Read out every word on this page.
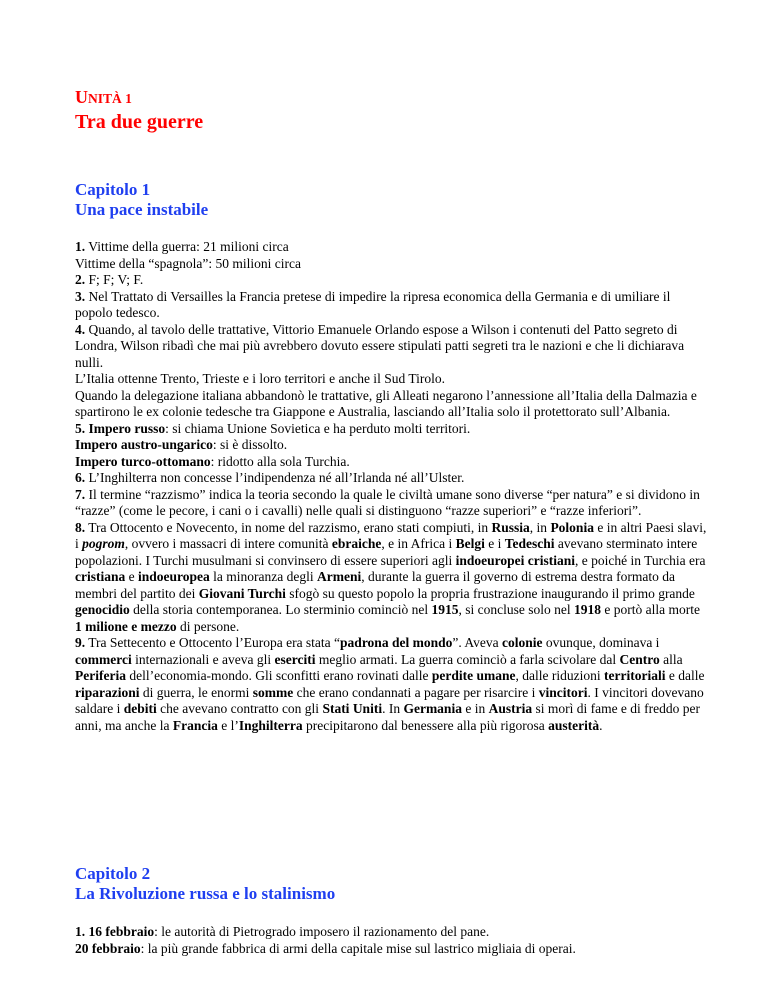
UNITÀ 1
Tra due guerre
Capitolo 1
Una pace instabile

1. Vittime della guerra: 21 milioni circa

Vittime della “spagnola”: 50 milioni circa

2. F; F; V; F.

3. Nel Trattato di Versailles la Francia pretese di impedire la ripresa economica della Germania e di umiliare il popolo tedesco.

4. Quando, al tavolo delle trattative, Vittorio Emanuele Orlando espose a Wilson i contenuti del Patto segreto di Londra, Wilson ribadì che mai più avrebbero dovuto essere stipulati patti segreti tra le nazioni e che li dichiarava nulli.

L’Italia ottenne Trento, Trieste e i loro territori e anche il Sud Tirolo.

Quando la delegazione italiana abbandonò le trattative, gli Alleati negarono l’annessione all’Italia della Dalmazia e spartirono le ex colonie tedesche tra Giappone e Australia, lasciando all’Italia solo il protettorato sull’Albania.

5. Impero russo: si chiama Unione Sovietica e ha perduto molti territori.

Impero austro-ungarico: si è dissolto.

Impero turco-ottomano: ridotto alla sola Turchia.

6. L’Inghilterra non concesse l’indipendenza né all’Irlanda né all’Ulster.

7. Il termine “razzismo” indica la teoria secondo la quale le civiltà umane sono diverse “per natura” e si dividono in “razze” (come le pecore, i cani o i cavalli) nelle quali si distinguono “razze superiori” e “razze inferiori”.

8. Tra Ottocento e Novecento, in nome del razzismo, erano stati compiuti, in Russia, in Polonia e in altri Paesi slavi, i pogrom, ovvero i massacri di intere comunità ebraiche, e in Africa i Belgi e i Tedeschi avevano sterminato intere popolazioni. I Turchi musulmani si convinsero di essere superiori agli indoeuropei cristiani, e poiché in Turchia era cristiana e indoeuropea la minoranza degli Armeni, durante la guerra il governo di estrema destra formato da membri del partito dei Giovani Turchi sfogò su questo popolo la propria frustrazione inaugurando il primo grande genocidio della storia contemporanea. Lo sterminio cominciò nel 1915, si concluse solo nel 1918 e portò alla morte 1 milione e mezzo di persone.

9. Tra Settecento e Ottocento l’Europa era stata “padrona del mondo”. Aveva colonie ovunque, dominava i commerci internazionali e aveva gli eserciti meglio armati. La guerra cominciò a farla scivolare dal Centro alla Periferia dell’economia-mondo. Gli sconfitti erano rovinati dalle perdite umane, dalle riduzioni territoriali e dalle riparazioni di guerra, le enormi somme che erano condannati a pagare per risarcire i vincitori. I vincitori dovevano saldare i debiti che avevano contratto con gli Stati Uniti. In Germania e in Austria si morì di fame e di freddo per anni, ma anche la Francia e l’Inghilterra precipitarono dal benessere alla più rigorosa austerità.

Capitolo 2
La Rivoluzione russa e lo stalinismo

1. 16 febbraio: le autorità di Pietrogrado imposero il razionamento del pane.

20 febbraio: la più grande fabbrica di armi della capitale mise sul lastrico migliaia di operai.
